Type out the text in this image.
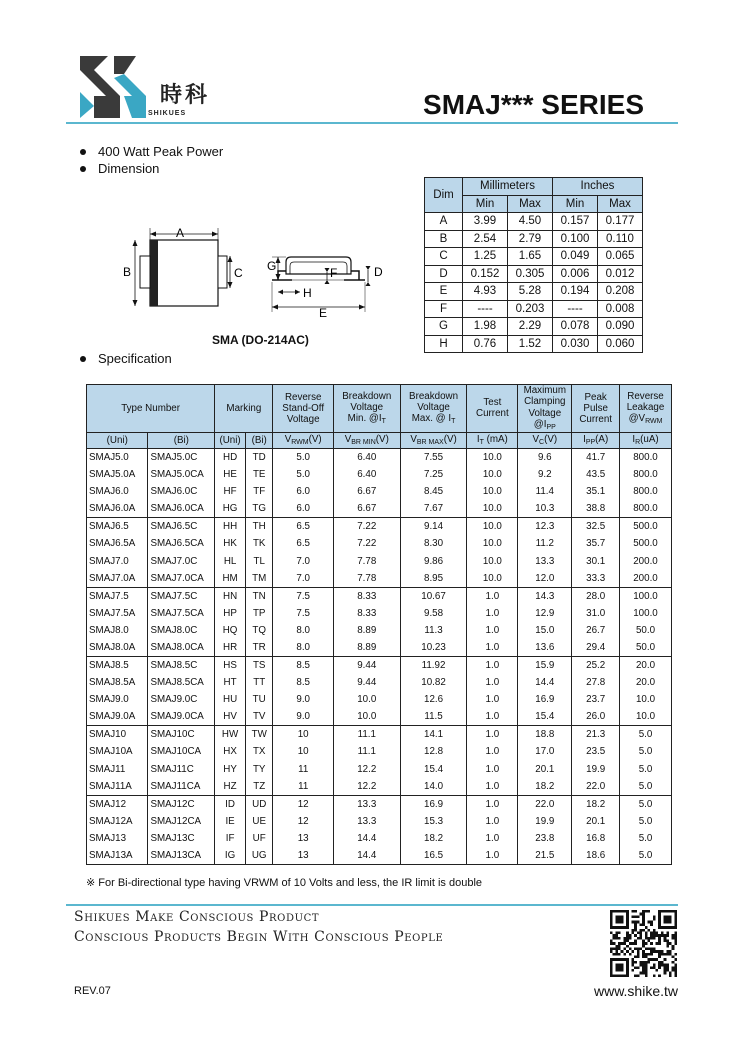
時科
SHIKUES	SMAJ*** SERIES
400 Watt Peak Power
Dimension
Specification
A
B	C G	F	D
H
E
SMA (DO-214AC)
Dim	Millimeters		Inches	
	Min	Max	Min	Max
A	3.99	4.50	0.157	0.177
B	2.54	2.79	0.100	0.110
C	1.25	1.65	0.049	0.065
D	0.152	0.305	0.006	0.012
E	4.93	5.28	0.194	0.208
F	----	0.203	----	0.008
G	1.98	2.29	0.078	0.090
H	0.76	1.52	0.030	0.060
Type Number		Marking		Reverse
Stand-Off
Voltage	Breakdown
Voltage
Min. $@I_T$	Breakdown
Voltage
Max. @ $I_T$	Test
Current	Maximum
Clamping
Voltage
$@I_{PP}$	Peak
Pulse
Current	Reverse
Leakage
$@V_{RWM}$
(Uni)	(Bi)	(Uni)	(Bi)	$V_{RWM}(V)$	$V_{BR MIN}(V)$	$V_{BR MAX}(V)$	$I_T$ (mA)	$V_C(V)$	$I_{PP}(A)$	$I_R(uA)$
SMAJ5.0	SMAJ5.0C	HD	TD	5.0	6.40	7.55	10.0	9.6	41.7	800.0
SMAJ5.0A	SMAJ5.0CA	HE	TE	5.0	6.40	7.25	10.0	9.2	43.5	800.0
SMAJ6.0	SMAJ6.0C	HF	TF	6.0	6.67	8.45	10.0	11.4	35.1	800.0
SMAJ6.0A	SMAJ6.0CA	HG	TG	6.0	6.67	7.67	10.0	10.3	38.8	800.0
SMAJ6.5	SMAJ6.5C	HH	TH	6.5	7.22	9.14	10.0	12.3	32.5	500.0
SMAJ6.5A	SMAJ6.5CA	HK	TK	6.5	7.22	8.30	10.0	11.2	35.7	500.0
SMAJ7.0	SMAJ7.0C	HL	TL	7.0	7.78	9.86	10.0	13.3	30.1	200.0
SMAJ7.0A	SMAJ7.0CA	HM	TM	7.0	7.78	8.95	10.0	12.0	33.3	200.0
SMAJ7.5	SMAJ7.5C	HN	TN	7.5	8.33	10.67	1.0	14.3	28.0	100.0
SMAJ7.5A	SMAJ7.5CA	HP	TP	7.5	8.33	9.58	1.0	12.9	31.0	100.0
SMAJ8.0	SMAJ8.0C	HQ	TQ	8.0	8.89	11.3	1.0	15.0	26.7	50.0
SMAJ8.0A	SMAJ8.0CA	HR	TR	8.0	8.89	10.23	1.0	13.6	29.4	50.0
SMAJ8.5	SMAJ8.5C	HS	TS	8.5	9.44	11.92	1.0	15.9	25.2	20.0
SMAJ8.5A	SMAJ8.5CA	HT	TT	8.5	9.44	10.82	1.0	14.4	27.8	20.0
SMAJ9.0	SMAJ9.0C	HU	TU	9.0	10.0	12.6	1.0	16.9	23.7	10.0
SMAJ9.0A	SMAJ9.0CA	HV	TV	9.0	10.0	11.5	1.0	15.4	26.0	10.0
SMAJ10	SMAJ10C	HW	TW	10	11.1	14.1	1.0	18.8	21.3	5.0
SMAJ10A	SMAJ10CA	HX	TX	10	11.1	12.8	1.0	17.0	23.5	5.0
SMAJ11	SMAJ11C	HY	TY	11	12.2	15.4	1.0	20.1	19.9	5.0
SMAJ11A	SMAJ11CA	HZ	TZ	11	12.2	14.0	1.0	18.2	22.0	5.0
SMAJ12	SMAJ12C	ID	UD	12	13.3	16.9	1.0	22.0	18.2	5.0
SMAJ12A	SMAJ12CA	IE	UE	12	13.3	15.3	1.0	19.9	20.1	5.0
SMAJ13	SMAJ13C	IF	UF	13	14.4	18.2	1.0	23.8	16.8	5.0
SMAJ13A	SMAJ13CA	IG	UG	13	14.4	16.5	1.0	21.5	18.6	5.0
※ For Bi-directional type having VRWM of 10 Volts and less, the IR limit is double
Shikues Make Conscious Product
Conscious Products Begin With Conscious People
REV.07	www.shike.tw
